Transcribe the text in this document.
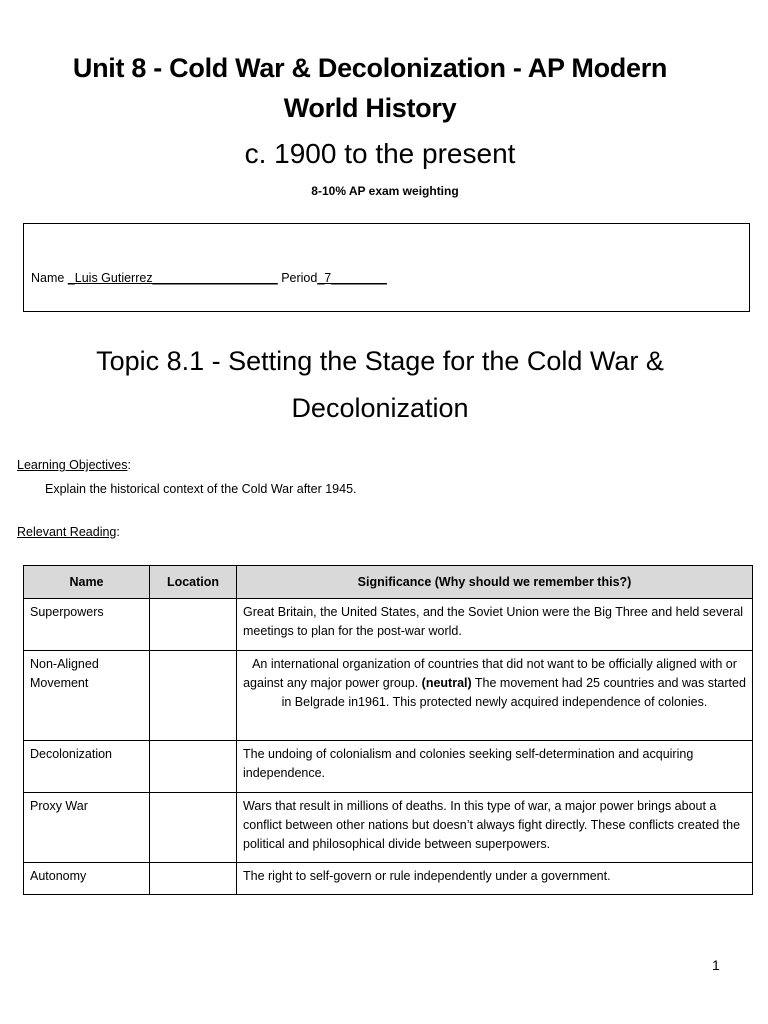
Unit 8 - Cold War & Decolonization - AP Modern
World History
c. 1900 to the present
8-10% AP exam weighting
Name _Luis Gutierrez__________________ Period_7________
Topic 8.1 - Setting the Stage for the Cold War &
Decolonization
Learning Objectives:
Explain the historical context of the Cold War after 1945.
Relevant Reading:
Name	Location	Significance (Why should we remember this?)
Superpowers		Great Britain, the United States, and the Soviet Union were the Big Three and held several meetings to plan for the post-war world.
Non-Aligned Movement		An international organization of countries that did not want to be officially aligned with or against any major power group. (neutral) The movement had 25 countries and was started in Belgrade in1961. This protected newly acquired independence of colonies.
Decolonization		The undoing of colonialism and colonies seeking self-determination and acquiring independence.
Proxy War		Wars that result in millions of deaths. In this type of war, a major power brings about a conflict between other nations but doesn’t always fight directly. These conflicts created the political and philosophical divide between superpowers.
Autonomy		The right to self-govern or rule independently under a government.
1
